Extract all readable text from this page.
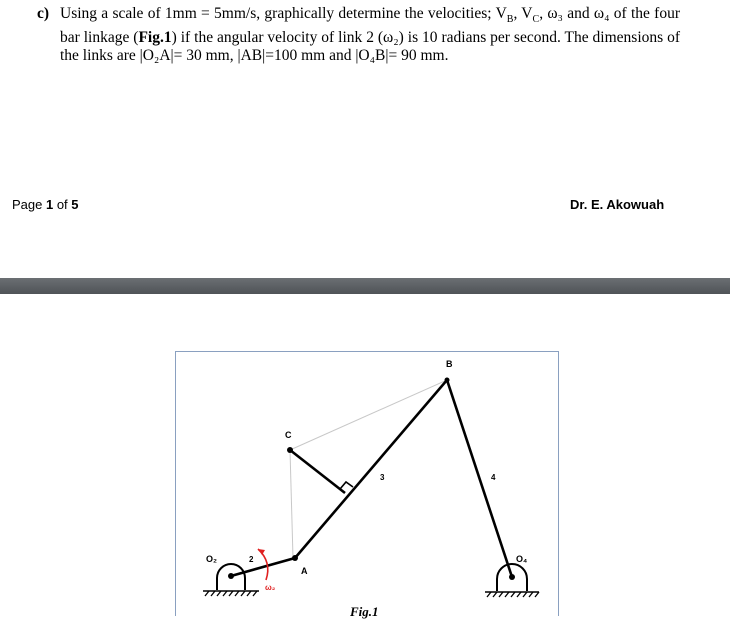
c) Using a scale of 1mm = 5mm/s, graphically determine the velocities; $V_B$, $V_C$, ω₃ and ω₄ of the four bar linkage (Fig.1) if the angular velocity of link 2 (ω₂) is 10 radians per second. The dimensions of the links are |O₂A|= 30 mm, |AB|=100 mm and |O₄B|= 90 mm.
Page 1 of 5	Dr. E. Akowuah
B
C
A
O₂	O₄
2
3	4
ω₂
Fig.1
